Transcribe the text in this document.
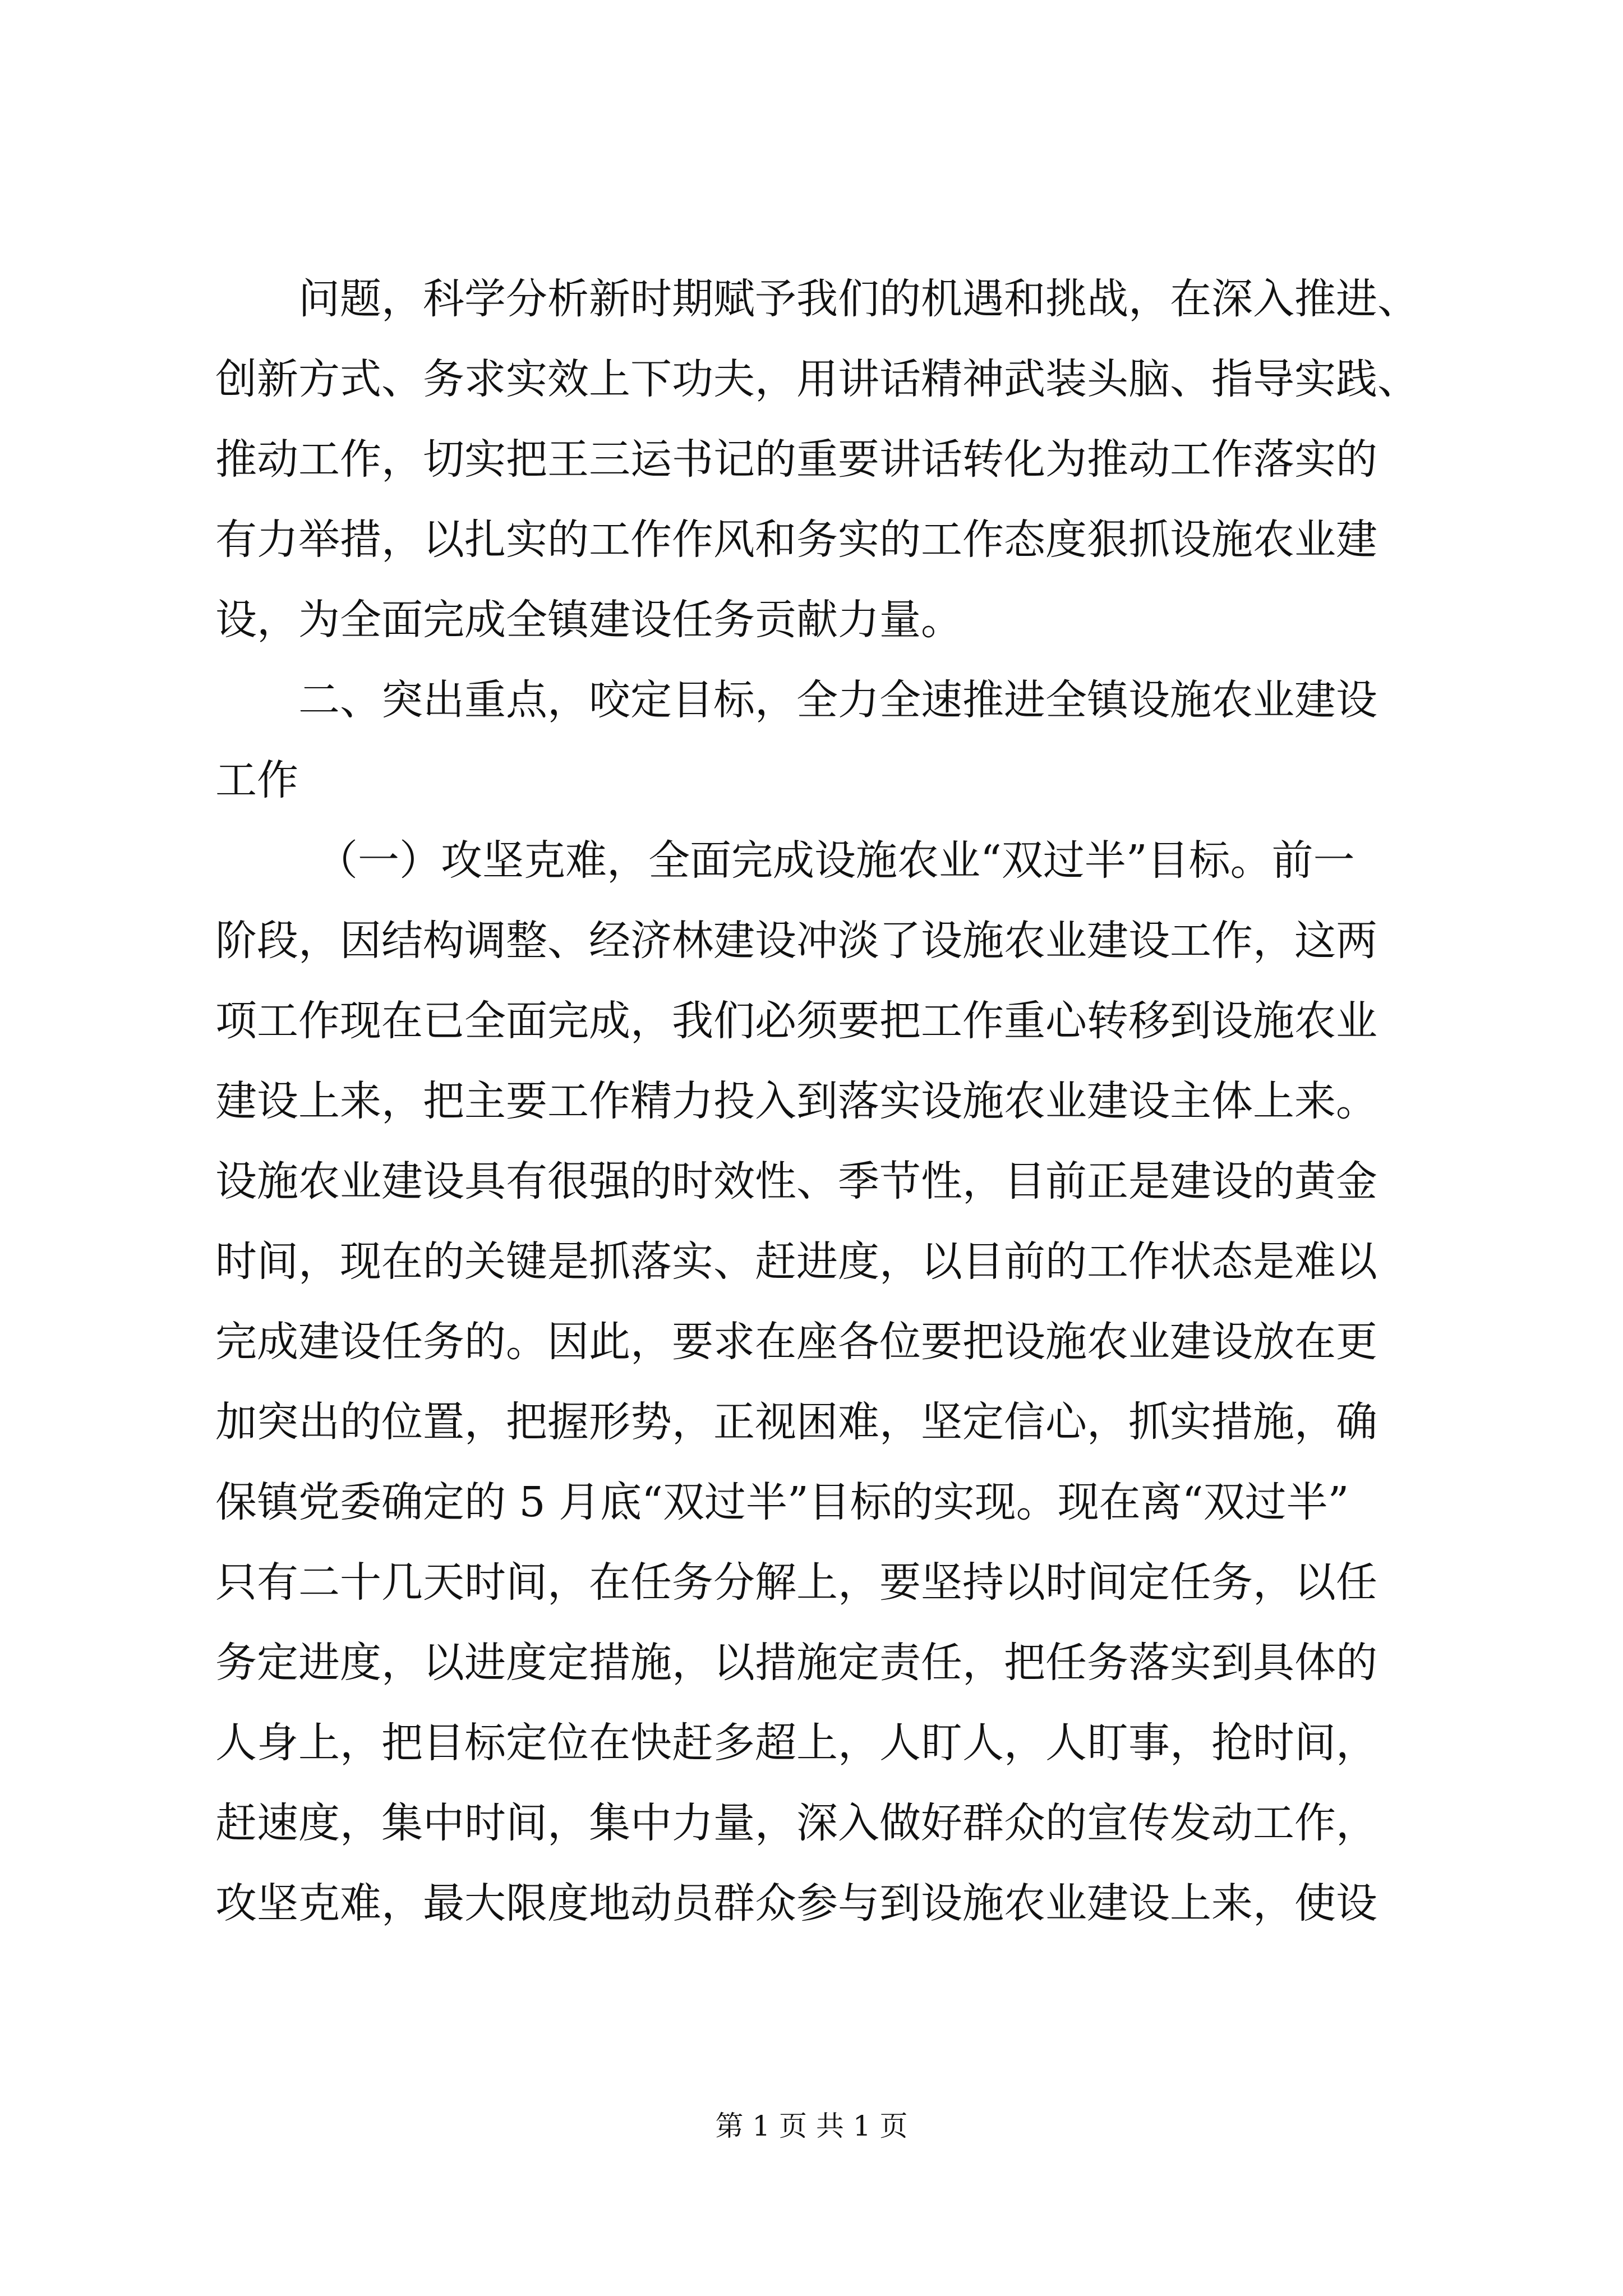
问题，科学分析新时期赋予我们的机遇和挑战，在深入推进、
创新方式、务求实效上下功夫，用讲话精神武装头脑、指导实践、
推动工作，切实把王三运书记的重要讲话转化为推动工作落实的
有力举措，以扎实的工作作风和务实的工作态度狠抓设施农业建
设，为全面完成全镇建设任务贡献力量。
二、突出重点，咬定目标，全力全速推进全镇设施农业建设
工作
（一）攻坚克难，全面完成设施农业“双过半”目标。前一
阶段，因结构调整、经济林建设冲淡了设施农业建设工作，这两
项工作现在已全面完成，我们必须要把工作重心转移到设施农业
建设上来，把主要工作精力投入到落实设施农业建设主体上来。
设施农业建设具有很强的时效性、季节性，目前正是建设的黄金
时间，现在的关键是抓落实、赶进度，以目前的工作状态是难以
完成建设任务的。因此，要求在座各位要把设施农业建设放在更
加突出的位置，把握形势，正视困难，坚定信心，抓实措施，确
保镇党委确定的 5 月底“双过半”目标的实现。现在离“双过半”
只有二十几天时间，在任务分解上，要坚持以时间定任务，以任
务定进度，以进度定措施，以措施定责任，把任务落实到具体的
人身上，把目标定位在快赶多超上，人盯人，人盯事，抢时间，
赶速度，集中时间，集中力量，深入做好群众的宣传发动工作，
攻坚克难，最大限度地动员群众参与到设施农业建设上来，使设
第 1 页 共 1 页
